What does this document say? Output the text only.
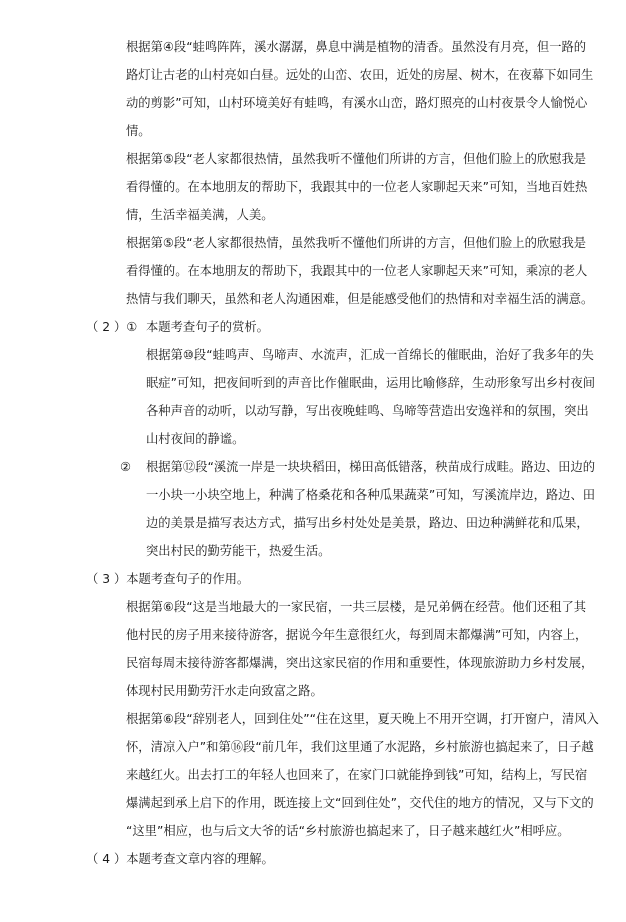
根据第④段“蛙鸣阵阵，溪水潺潺，鼻息中满是植物的清香。虽然没有月亮，但一路的
路灯让古老的山村亮如白昼。远处的山峦、农田，近处的房屋、树木，在夜幕下如同生
动的剪影”可知，山村环境美好有蛙鸣，有溪水山峦，路灯照亮的山村夜景令人愉悦心
情。
根据第⑤段“老人家都很热情，虽然我听不懂他们所讲的方言，但他们脸上的欣慰我是
看得懂的。在本地朋友的帮助下，我跟其中的一位老人家聊起天来”可知，当地百姓热
情，生活幸福美满，人美。
根据第⑤段“老人家都很热情，虽然我听不懂他们所讲的方言，但他们脸上的欣慰我是
看得懂的。在本地朋友的帮助下，我跟其中的一位老人家聊起天来”可知，乘凉的老人
热情与我们聊天，虽然和老人沟通困难，但是能感受他们的热情和对幸福生活的满意。
（ 2 ）① 本题考查句子的赏析。
根据第⑩段“蛙鸣声、鸟啼声、水流声，汇成一首绵长的催眠曲，治好了我多年的失
眠症”可知，把夜间听到的声音比作催眠曲，运用比喻修辞，生动形象写出乡村夜间
各种声音的动听，以动写静，写出夜晚蛙鸣、鸟啼等营造出安逸祥和的氛围，突出
山村夜间的静谧。
② 根据第⑫段“溪流一岸是一块块稻田，梯田高低错落，秧苗成行成畦。路边、田边的
一小块一小块空地上，种满了格桑花和各种瓜果蔬菜”可知，写溪流岸边，路边、田
边的美景是描写表达方式，描写出乡村处处是美景，路边、田边种满鲜花和瓜果，
突出村民的勤劳能干，热爱生活。
（ 3 ）本题考查句子的作用。
根据第⑥段“这是当地最大的一家民宿，一共三层楼，是兄弟俩在经营。他们还租了其
他村民的房子用来接待游客，据说今年生意很红火，每到周末都爆满”可知，内容上，
民宿每周末接待游客都爆满，突出这家民宿的作用和重要性，体现旅游助力乡村发展，
体现村民用勤劳汗水走向致富之路。
根据第⑥段“辞别老人，回到住处”“住在这里，夏天晚上不用开空调，打开窗户，清风入
怀，清凉入户”和第⑯段“前几年，我们这里通了水泥路，乡村旅游也搞起来了，日子越
来越红火。出去打工的年轻人也回来了，在家门口就能挣到钱”可知，结构上，写民宿
爆满起到承上启下的作用，既连接上文“回到住处”，交代住的地方的情况，又与下文的
“这里”相应，也与后文大爷的话“乡村旅游也搞起来了，日子越来越红火”相呼应。
（ 4 ）本题考查文章内容的理解。
